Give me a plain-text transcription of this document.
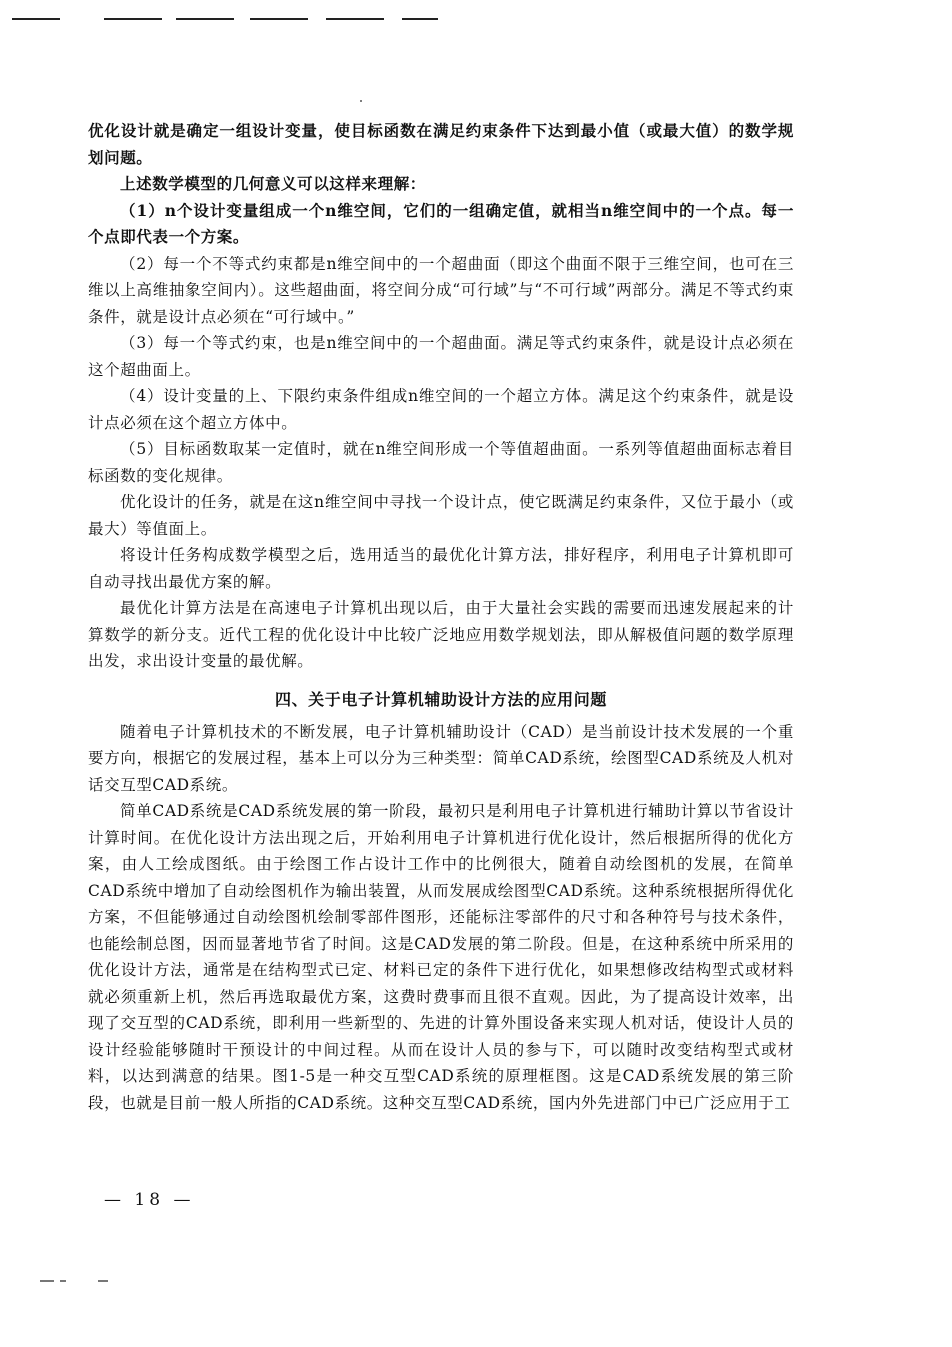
优化设计就是确定一组设计变量，使目标函数在满足约束条件下达到最小值（或最大值）的数学规划问题。

上述数学模型的几何意义可以这样来理解：

（1）n个设计变量组成一个n维空间，它们的一组确定值，就相当n维空间中的一个点。每一个点即代表一个方案。

（2）每一个不等式约束都是n维空间中的一个超曲面（即这个曲面不限于三维空间，也可在三维以上高维抽象空间内）。这些超曲面，将空间分成“可行域”与“不可行域”两部分。满足不等式约束条件，就是设计点必须在“可行域中。”

（3）每一个等式约束，也是n维空间中的一个超曲面。满足等式约束条件，就是设计点必须在这个超曲面上。

（4）设计变量的上、下限约束条件组成n维空间的一个超立方体。满足这个约束条件，就是设计点必须在这个超立方体中。

（5）目标函数取某一定值时，就在n维空间形成一个等值超曲面。一系列等值超曲面标志着目标函数的变化规律。

优化设计的任务，就是在这n维空间中寻找一个设计点，使它既满足约束条件，又位于最小（或最大）等值面上。

将设计任务构成数学模型之后，选用适当的最优化计算方法，排好程序，利用电子计算机即可自动寻找出最优方案的解。

最优化计算方法是在高速电子计算机出现以后，由于大量社会实践的需要而迅速发展起来的计算数学的新分支。近代工程的优化设计中比较广泛地应用数学规划法，即从解极值问题的数学原理出发，求出设计变量的最优解。

四、关于电子计算机辅助设计方法的应用问题

随着电子计算机技术的不断发展，电子计算机辅助设计（CAD）是当前设计技术发展的一个重要方向，根据它的发展过程，基本上可以分为三种类型：简单CAD系统，绘图型CAD系统及人机对话交互型CAD系统。

简单CAD系统是CAD系统发展的第一阶段，最初只是利用电子计算机进行辅助计算以节省设计计算时间。在优化设计方法出现之后，开始利用电子计算机进行优化设计，然后根据所得的优化方案，由人工绘成图纸。由于绘图工作占设计工作中的比例很大，随着自动绘图机的发展，在简单CAD系统中增加了自动绘图机作为输出装置，从而发展成绘图型CAD系统。这种系统根据所得优化方案，不但能够通过自动绘图机绘制零部件图形，还能标注零部件的尺寸和各种符号与技术条件，也能绘制总图，因而显著地节省了时间。这是CAD发展的第二阶段。但是，在这种系统中所采用的优化设计方法，通常是在结构型式已定、材料已定的条件下进行优化，如果想修改结构型式或材料就必须重新上机，然后再选取最优方案，这费时费事而且很不直观。因此，为了提高设计效率，出现了交互型的CAD系统，即利用一些新型的、先进的计算外围设备来实现人机对话，使设计人员的设计经验能够随时干预设计的中间过程。从而在设计人员的参与下，可以随时改变结构型式或材料，以达到满意的结果。图1-5是一种交互型CAD系统的原理框图。这是CAD系统发展的第三阶段，也就是目前一般人所指的CAD系统。这种交互型CAD系统，国内外先进部门中已广泛应用于工

— 18 —
